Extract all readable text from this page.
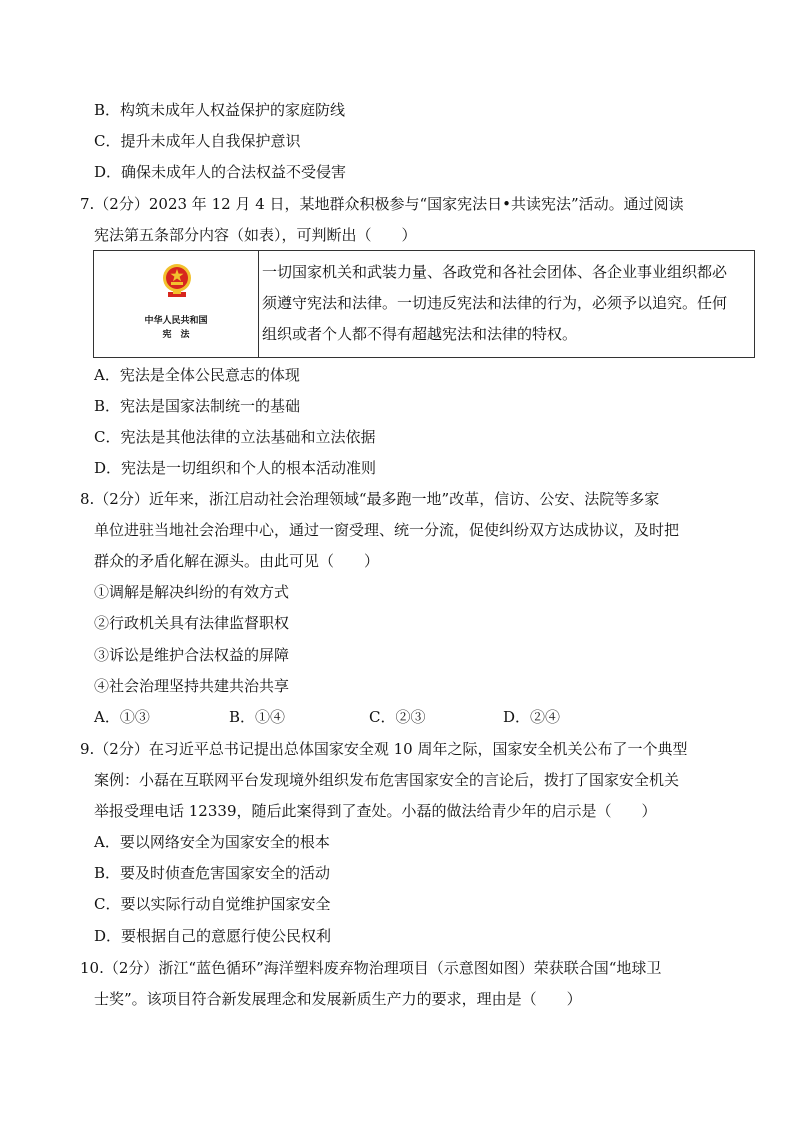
B．构筑未成年人权益保护的家庭防线
C．提升未成年人自我保护意识
D．确保未成年人的合法权益不受侵害
7.（2分）2023 年 12 月 4 日，某地群众积极参与“国家宪法日•共读宪法”活动。通过阅读
宪法第五条部分内容（如表），可判断出（　　）
中华人民共和国
宪　法

一切国家机关和武装力量、各政党和各社会团体、各企业事业组织都必
须遵守宪法和法律。一切违反宪法和法律的行为，必须予以追究。任何
组织或者个人都不得有超越宪法和法律的特权。
A．宪法是全体公民意志的体现
B．宪法是国家法制统一的基础
C．宪法是其他法律的立法基础和立法依据
D．宪法是一切组织和个人的根本活动准则
8.（2分）近年来，浙江启动社会治理领域“最多跑一地”改革，信访、公安、法院等多家
单位进驻当地社会治理中心，通过一窗受理、统一分流，促使纠纷双方达成协议，及时把
群众的矛盾化解在源头。由此可见（　　）
①调解是解决纠纷的有效方式
②行政机关具有法律监督职权
③诉讼是维护合法权益的屏障
④社会治理坚持共建共治共享
A．①③	B．①④	C．②③	D．②④
9.（2分）在习近平总书记提出总体国家安全观 10 周年之际，国家安全机关公布了一个典型
案例：小磊在互联网平台发现境外组织发布危害国家安全的言论后，拨打了国家安全机关
举报受理电话 12339，随后此案得到了查处。小磊的做法给青少年的启示是（　　）
A．要以网络安全为国家安全的根本
B．要及时侦查危害国家安全的活动
C．要以实际行动自觉维护国家安全
D．要根据自己的意愿行使公民权利
10.（2分）浙江“蓝色循环”海洋塑料废弃物治理项目（示意图如图）荣获联合国“地球卫
士奖”。该项目符合新发展理念和发展新质生产力的要求，理由是（　　）
